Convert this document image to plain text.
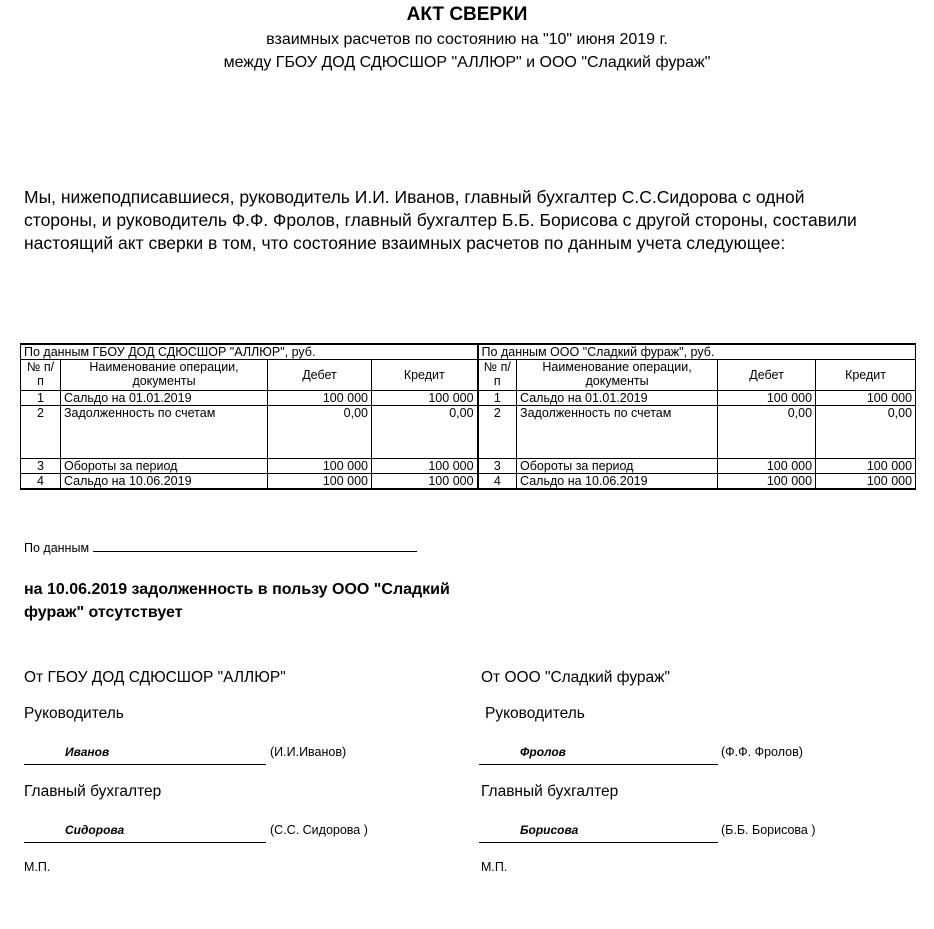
АКТ СВЕРКИ
взаимных расчетов по состоянию на "10" июня 2019 г.
между ГБОУ ДОД СДЮСШОР "АЛЛЮР" и ООО "Сладкий фураж"
Мы, нижеподписавшиеся, руководитель И.И. Иванов, главный бухгалтер С.С.Сидорова с одной
стороны, и руководитель Ф.Ф. Фролов, главный бухгалтер Б.Б. Борисова с другой стороны, составили
настоящий акт сверки в том, что состояние взаимных расчетов по данным учета следующее:
По данным ГБОУ ДОД СДЮСШОР "АЛЛЮР", руб.				По данным ООО "Сладкий фураж", руб.			
№ п/п	Наименование операции, документы	Дебет	Кредит	№ п/п	Наименование операции, документы	Дебет	Кредит
1	Сальдо на 01.01.2019	100 000	100 000	1	Сальдо на 01.01.2019	100 000	100 000
2	Задолженность по счетам	0,00	0,00	2	Задолженность по счетам	0,00	0,00
3	Обороты за период	100 000	100 000	3	Обороты за период	100 000	100 000
4	Сальдо на 10.06.2019	100 000	100 000	4	Сальдо на 10.06.2019	100 000	100 000
По данным
на 10.06.2019 задолженность в пользу ООО "Сладкий
фураж" отсутствует
От ГБОУ ДОД СДЮСШОР "АЛЛЮР"
Руководитель
Иванов	(И.И.Иванов)
Главный бухгалтер
Сидорова	(С.С. Сидорова )
М.П.
От ООО "Сладкий фураж"
Руководитель
Фролов	(Ф.Ф. Фролов)
Главный бухгалтер
Борисова	(Б.Б. Борисова )
М.П.
